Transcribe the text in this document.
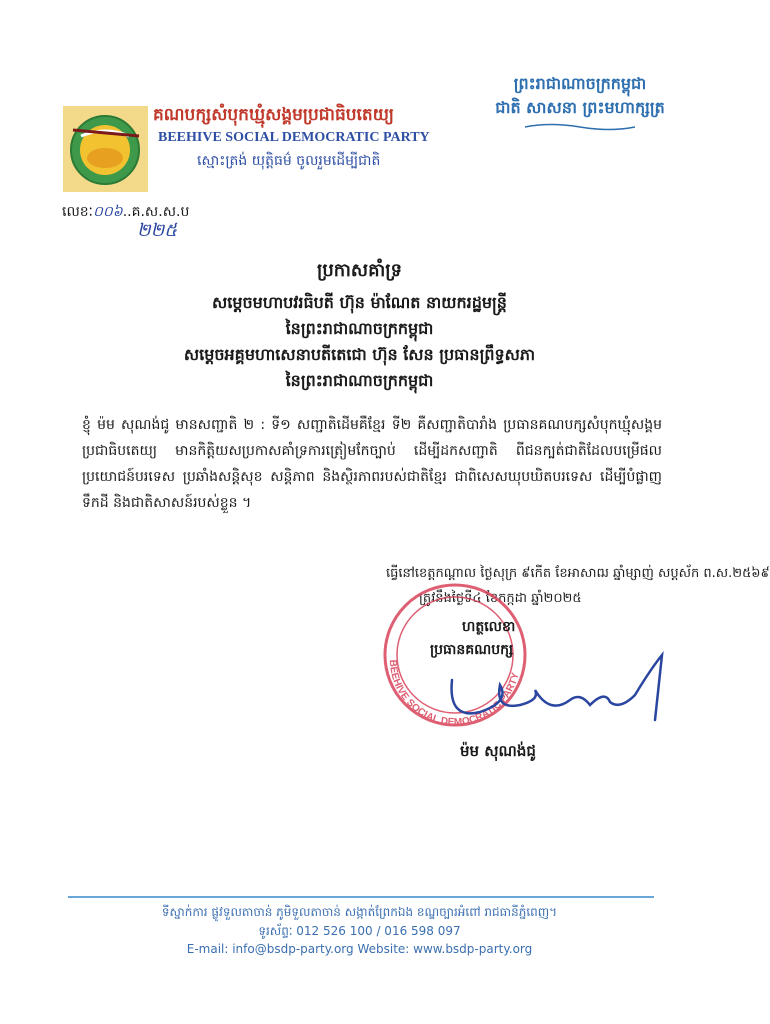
គណបក្សសំបុកឃ្មុំសង្គមប្រជាធិបតេយ្យ
BEEHIVE SOCIAL DEMOCRATIC PARTY
ស្មោះត្រង់ យុត្តិធម៌ ចូលរួមដើម្បីជាតិ
ព្រះរាជាណាចក្រកម្ពុជា
ជាតិ សាសនា ព្រះមហាក្សត្រ
លេខៈ០០៦..គ.ស.ស.ប
២២៥
ប្រកាសគាំទ្រ
សម្តេចមហាបវរធិបតី ហ៊ុន ម៉ាណែត នាយករដ្ឋមន្ត្រី
នៃព្រះរាជាណាចក្រកម្ពុជា
សម្តេចអគ្គមហាសេនាបតីតេជោ ហ៊ុន សែន ប្រធានព្រឹទ្ធសភា
នៃព្រះរាជាណាចក្រកម្ពុជា
ខ្ញុំ ម៉ម សុណង់ជូ មានសញ្ជាតិ ២ : ទី១ សញ្ជាតិដើមគឺខ្មែរ ទី២ គឺសញ្ជាតិបារាំង ប្រធានគណបក្សសំបុកឃ្មុំសង្គមប្រជាធិបតេយ្យ មានកិត្តិយសប្រកាសគាំទ្រការត្រៀមកែច្បាប់ ដើម្បីដកសញ្ជាតិ ពីជនក្បត់ជាតិដែលបម្រើផលប្រយោជន៍បរទេស ប្រឆាំងសន្តិសុខ សន្តិភាព និងស្ថិរភាពរបស់ជាតិខ្មែរ ជាពិសេសឃុបឃិតបរទេស ដើម្បីបំផ្លាញ ទឹកដី និងជាតិសាសន៍របស់ខ្លួន ។
ធ្វើនៅខេត្តកណ្តាល ថ្ងៃសុក្រ ៩កើត ខែអាសាឍ ឆ្នាំម្សាញ់ សប្តស័ក ព.ស.២៥៦៩
ត្រូវនឹងថ្ងៃទី៤ ខែកក្កដា ឆ្នាំ២០២៥
BEEHIVE SOCIAL DEMOCRATIC PARTY
ហត្ថលេខា
ប្រធានគណបក្ស
ម៉ម សុណង់ជូ
ទីស្នាក់ការ ផ្លូវទួលតាចាន់ ភូមិទួលតាចាន់ សង្កាត់ព្រែកឯង ខណ្ឌច្បារអំពៅ រាជធានីភ្នំពេញ។
ទូរស័ព្ទៈ 012 526 100 / 016 598 097
E-mail: info@bsdp-party.org Website: www.bsdp-party.org
